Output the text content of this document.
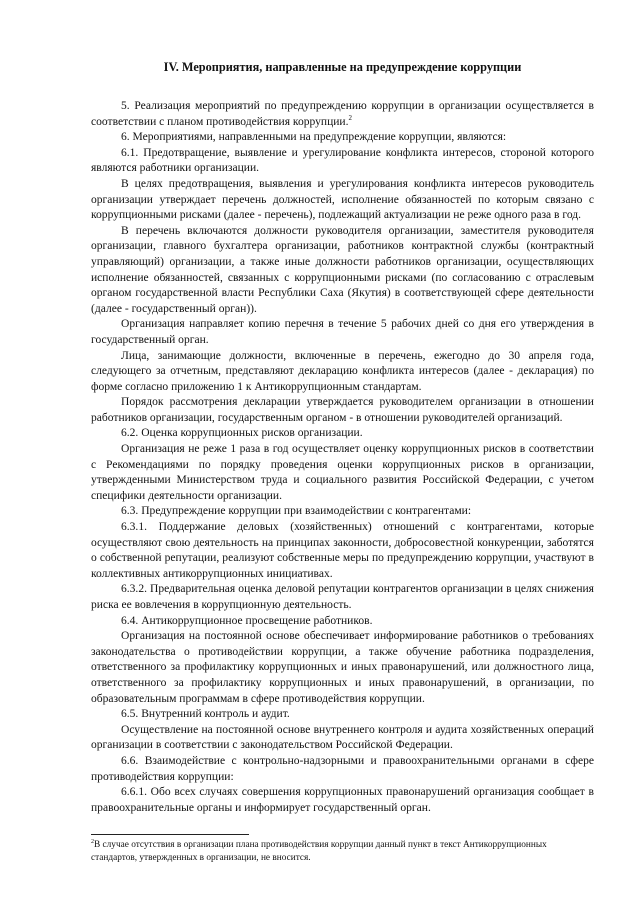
IV. Мероприятия, направленные на предупреждение коррупции

5. Реализация мероприятий по предупреждению коррупции в организации осуществляется в соответствии с планом противодействия коррупции.$^2$

6. Мероприятиями, направленными на предупреждение коррупции, являются:

6.1. Предотвращение, выявление и урегулирование конфликта интересов, стороной которого являются работники организации.

В целях предотвращения, выявления и урегулирования конфликта интересов руководитель организации утверждает перечень должностей, исполнение обязанностей по которым связано с коррупционными рисками (далее - перечень), подлежащий актуализации не реже одного раза в год.

В перечень включаются должности руководителя организации, заместителя руководителя организации, главного бухгалтера организации, работников контрактной службы (контрактный управляющий) организации, а также иные должности работников организации, осуществляющих исполнение обязанностей, связанных с коррупционными рисками (по согласованию с отраслевым органом государственной власти Республики Саха (Якутия) в соответствующей сфере деятельности (далее - государственный орган)).

Организация направляет копию перечня в течение 5 рабочих дней со дня его утверждения в государственный орган.

Лица, занимающие должности, включенные в перечень, ежегодно до 30 апреля года, следующего за отчетным, представляют декларацию конфликта интересов (далее - декларация) по форме согласно приложению 1 к Антикоррупционным стандартам.

Порядок рассмотрения декларации утверждается руководителем организации в отношении работников организации, государственным органом - в отношении руководителей организаций.

6.2. Оценка коррупционных рисков организации.

Организация не реже 1 раза в год осуществляет оценку коррупционных рисков в соответствии с Рекомендациями по порядку проведения оценки коррупционных рисков в организации, утвержденными Министерством труда и социального развития Российской Федерации, с учетом специфики деятельности организации.

6.3. Предупреждение коррупции при взаимодействии с контрагентами:

6.3.1. Поддержание деловых (хозяйственных) отношений с контрагентами, которые осуществляют свою деятельность на принципах законности, добросовестной конкуренции, заботятся о собственной репутации, реализуют собственные меры по предупреждению коррупции, участвуют в коллективных антикоррупционных инициативах.

6.3.2. Предварительная оценка деловой репутации контрагентов организации в целях снижения риска ее вовлечения в коррупционную деятельность.

6.4. Антикоррупционное просвещение работников.

Организация на постоянной основе обеспечивает информирование работников о требованиях законодательства о противодействии коррупции, а также обучение работника подразделения, ответственного за профилактику коррупционных и иных правонарушений, или должностного лица, ответственного за профилактику коррупционных и иных правонарушений, в организации, по образовательным программам в сфере противодействия коррупции.

6.5. Внутренний контроль и аудит.

Осуществление на постоянной основе внутреннего контроля и аудита хозяйственных операций организации в соответствии с законодательством Российской Федерации.

6.6. Взаимодействие с контрольно-надзорными и правоохранительными органами в сфере противодействия коррупции:

6.6.1. Обо всех случаях совершения коррупционных правонарушений организация сообщает в правоохранительные органы и информирует государственный орган.

$^2$В случае отсутствия в организации плана противодействия коррупции данный пункт в текст Антикоррупционных стандартов, утвержденных в организации, не вносится.
